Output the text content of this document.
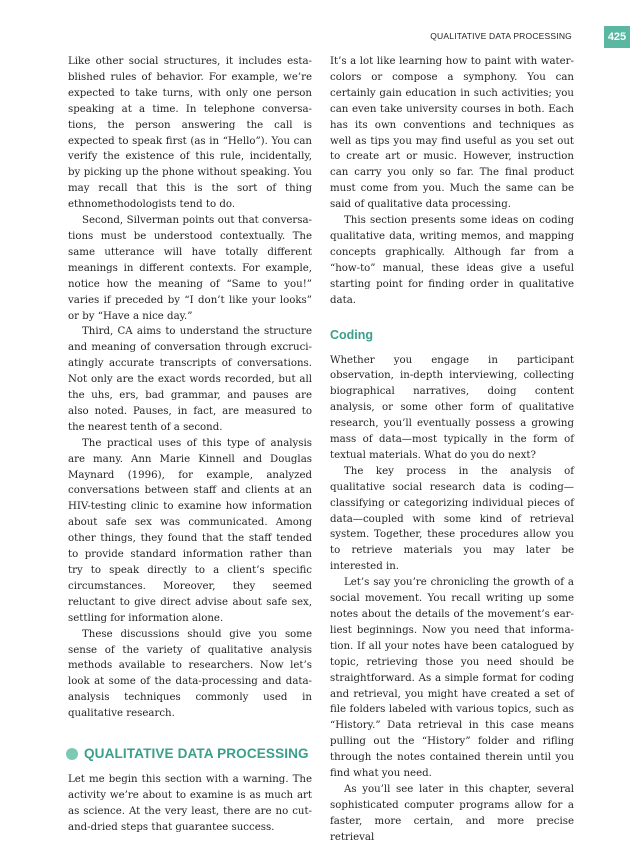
QUALITATIVE DATA PROCESSING	425

Like other social structures, it includes established rules of behavior. For example, we’re expected to take turns, with only one person speaking at a time. In telephone conversations, the person answering the call is expected to speak first (as in “Hello”). You can verify the existence of this rule, incidentally, by picking up the phone without speaking. You may recall that this is the sort of thing ethnomethodologists tend to do.

Second, Silverman points out that conversations must be understood contextually. The same utterance will have totally different meanings in different contexts. For example, notice how the meaning of “Same to you!” varies if preceded by “I don’t like your looks” or by “Have a nice day.”

Third, CA aims to understand the structure and meaning of conversation through excruciatingly accurate transcripts of conversations. Not only are the exact words recorded, but all the uhs, ers, bad grammar, and pauses are also noted. Pauses, in fact, are measured to the nearest tenth of a second.

The practical uses of this type of analysis are many. Ann Marie Kinnell and Douglas Maynard (1996), for example, analyzed conversations between staff and clients at an HIV-testing clinic to examine how information about safe sex was communicated. Among other things, they found that the staff tended to provide standard information rather than try to speak directly to a client’s specific circumstances. Moreover, they seemed reluctant to give direct advise about safe sex, settling for information alone.

These discussions should give you some sense of the variety of qualitative analysis methods available to researchers. Now let’s look at some of the data-processing and data-analysis techniques commonly used in qualitative research.

QUALITATIVE DATA PROCESSING

Let me begin this section with a warning. The activity we’re about to examine is as much art as science. At the very least, there are no cut-and-dried steps that guarantee success.

It’s a lot like learning how to paint with watercolors or compose a symphony. You can certainly gain education in such activities; you can even take university courses in both. Each has its own conventions and techniques as well as tips you may find useful as you set out to create art or music. However, instruction can carry you only so far. The final product must come from you. Much the same can be said of qualitative data processing.

This section presents some ideas on coding qualitative data, writing memos, and mapping concepts graphically. Although far from a “how-to” manual, these ideas give a useful starting point for finding order in qualitative data.

Coding

Whether you engage in participant observation, in-depth interviewing, collecting biographical narratives, doing content analysis, or some other form of qualitative research, you’ll eventually possess a growing mass of data—most typically in the form of textual materials. What do you do next?

The key process in the analysis of qualitative social research data is coding—classifying or categorizing individual pieces of data—coupled with some kind of retrieval system. Together, these procedures allow you to retrieve materials you may later be interested in.

Let’s say you’re chronicling the growth of a social movement. You recall writing up some notes about the details of the movement’s earliest beginnings. Now you need that information. If all your notes have been catalogued by topic, retrieving those you need should be straightforward. As a simple format for coding and retrieval, you might have created a set of file folders labeled with various topics, such as “History.” Data retrieval in this case means pulling out the “History” folder and rifling through the notes contained therein until you find what you need.

As you’ll see later in this chapter, several sophisticated computer programs allow for a faster, more certain, and more precise retrieval
